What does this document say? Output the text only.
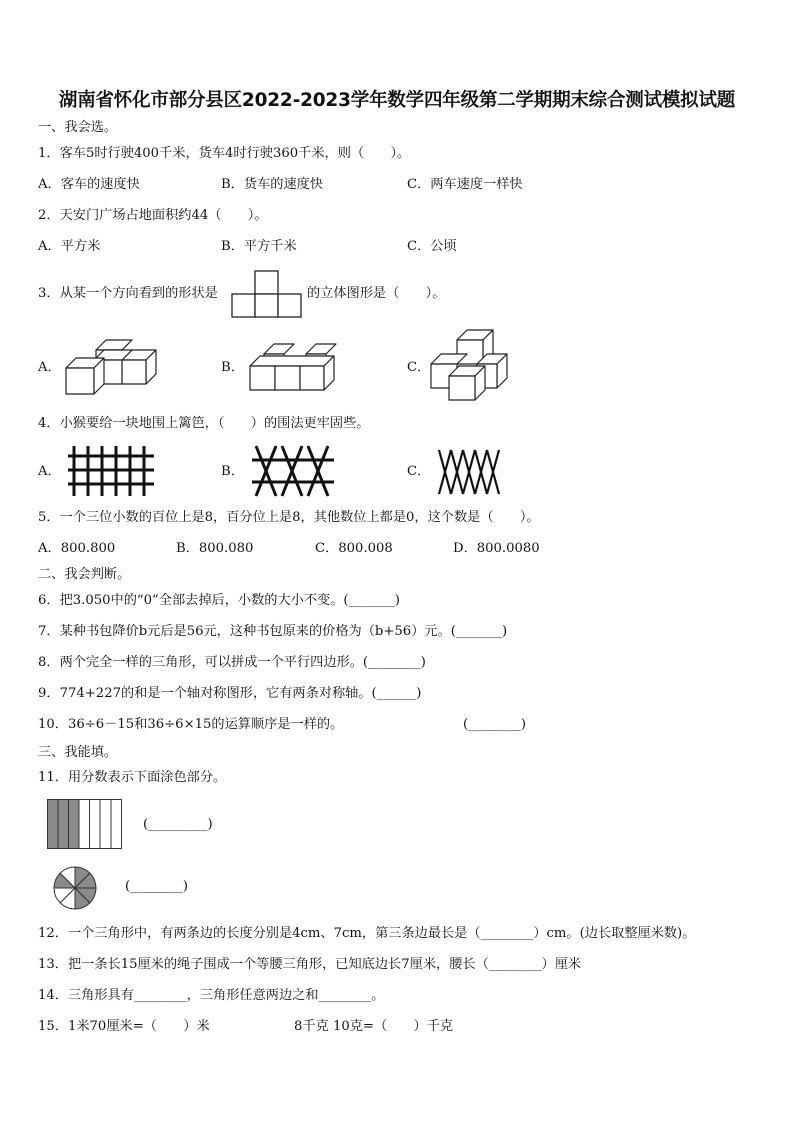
湖南省怀化市部分县区2022-2023学年数学四年级第二学期期末综合测试模拟试题
一、我会选。
1．客车5时行驶400千米，货车4时行驶360千米，则（　　）。
A．客车的速度快	B．货车的速度快	C．两车速度一样快
2．天安门广场占地面积约44（　　）。
A．平方米	B．平方千米	C．公顷
3．从某一个方向看到的形状是	的立体图形是（　　）。
A．	B．	C．
4．小猴要给一块地围上篱笆，（　　）的围法更牢固些。
A．	B．	C．
5．一个三位小数的百位上是8，百分位上是8，其他数位上都是0，这个数是（　　）。
A．800.800	B．800.080	C．800.008	D．800.0080
二、我会判断。
6．把3.050中的“0”全部去掉后，小数的大小不变。(_______)
7．某种书包降价b元后是56元，这种书包原来的价格为（b+56）元。(_______)
8．两个完全一样的三角形，可以拼成一个平行四边形。(________)
9．774+227的和是一个轴对称图形，它有两条对称轴。(______)
10．36÷6－15和36÷6×15的运算顺序是一样的。	(________)
三、我能填。
11．用分数表示下面涂色部分。
(_________)
(________)
12．一个三角形中，有两条边的长度分别是4cm、7cm，第三条边最长是（________）cm。(边长取整厘米数)。
13．把一条长15厘米的绳子围成一个等腰三角形，已知底边长7厘米，腰长（________）厘米
14．三角形具有________，三角形任意两边之和________。
15．1米70厘米=（　　）米	8千克 10克=（　　）千克
